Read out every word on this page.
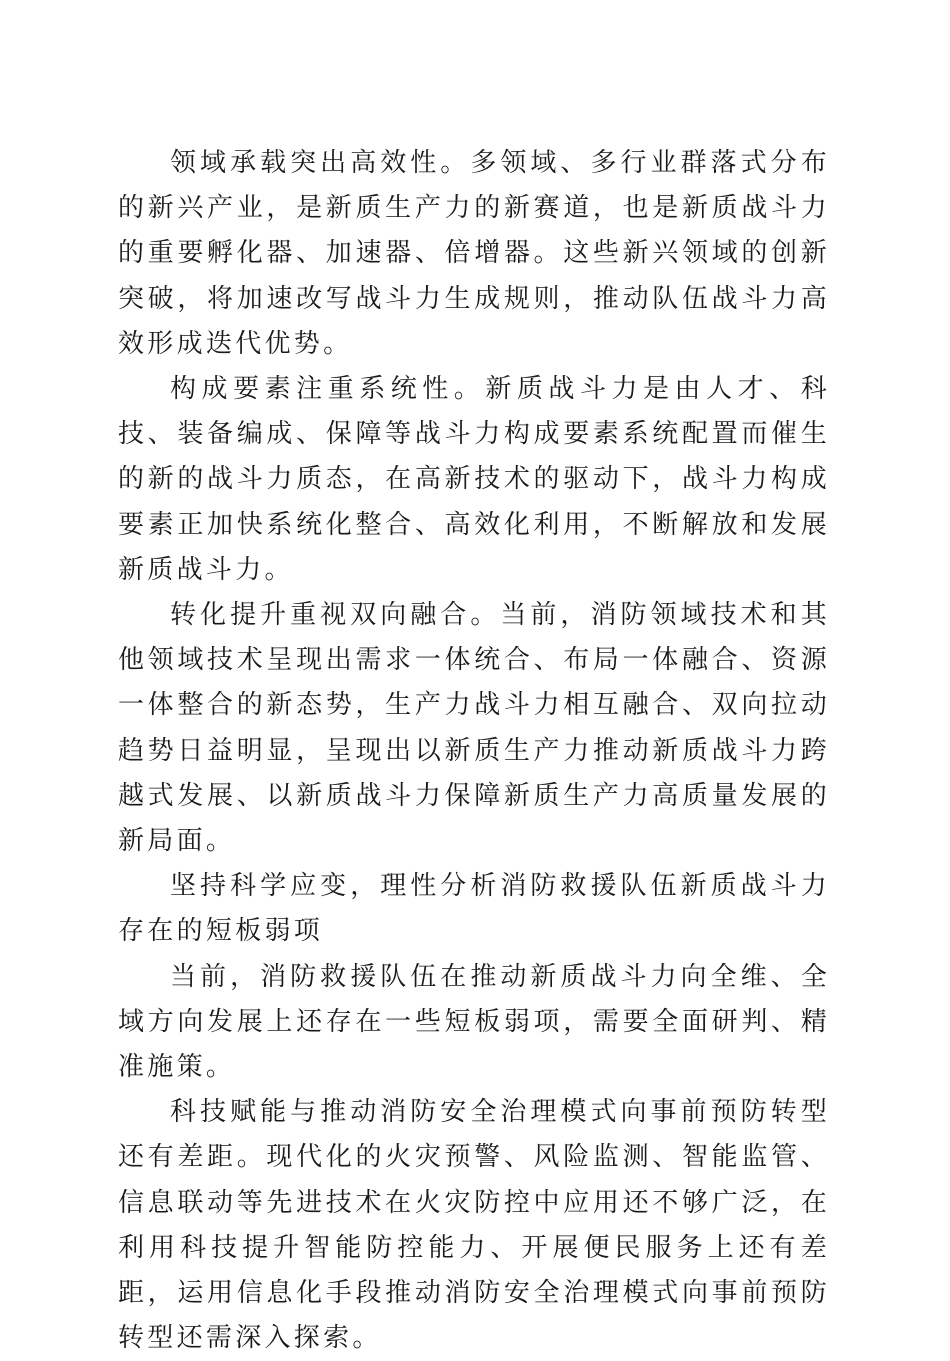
领域承载突出高效性。多领域、多行业群落式分布的新兴产业，是新质生产力的新赛道，也是新质战斗力的重要孵化器、加速器、倍增器。这些新兴领域的创新突破，将加速改写战斗力生成规则，推动队伍战斗力高效形成迭代优势。

构成要素注重系统性。新质战斗力是由人才、科技、装备编成、保障等战斗力构成要素系统配置而催生的新的战斗力质态，在高新技术的驱动下，战斗力构成要素正加快系统化整合、高效化利用，不断解放和发展新质战斗力。

转化提升重视双向融合。当前，消防领域技术和其他领域技术呈现出需求一体统合、布局一体融合、资源一体整合的新态势，生产力战斗力相互融合、双向拉动趋势日益明显，呈现出以新质生产力推动新质战斗力跨越式发展、以新质战斗力保障新质生产力高质量发展的新局面。

坚持科学应变，理性分析消防救援队伍新质战斗力存在的短板弱项

当前，消防救援队伍在推动新质战斗力向全维、全域方向发展上还存在一些短板弱项，需要全面研判、精准施策。

科技赋能与推动消防安全治理模式向事前预防转型还有差距。现代化的火灾预警、风险监测、智能监管、信息联动等先进技术在火灾防控中应用还不够广泛，在利用科技提升智能防控能力、开展便民服务上还有差距，运用信息化手段推动消防安全治理模式向事前预防转型还需深入探索。
